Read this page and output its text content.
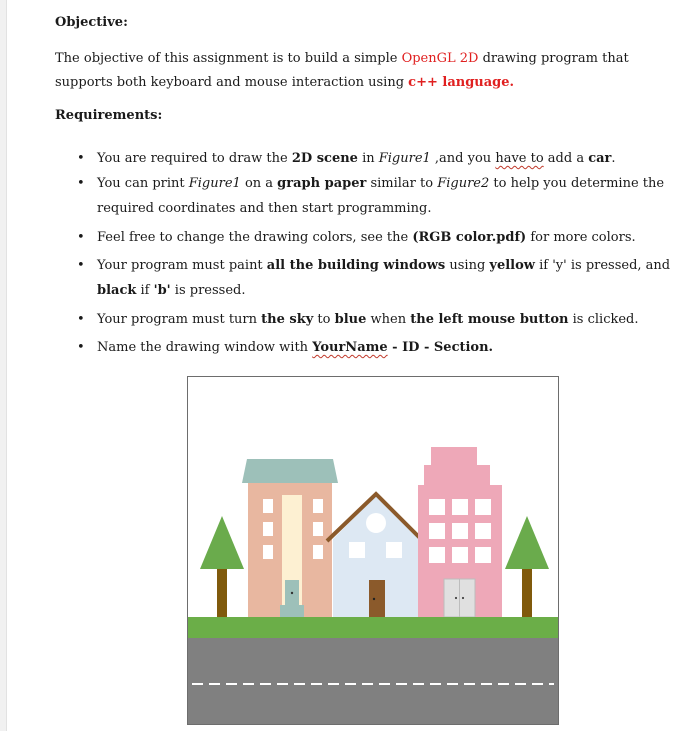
Objective:
The objective of this assignment is to build a simple OpenGL 2D drawing program that supports both keyboard and mouse interaction using c++ language.
Requirements:
• You are required to draw the 2D scene in Figure1 ,and you have to add a car.
• You can print Figure1 on a graph paper similar to Figure2 to help you determine the required coordinates and then start programming.
• Feel free to change the drawing colors, see the (RGB color.pdf) for more colors.
• Your program must paint all the building windows using yellow if 'y' is pressed, and black if 'b' is pressed.
• Your program must turn the sky to blue when the left mouse button is clicked.
• Name the drawing window with YourName - ID - Section.
